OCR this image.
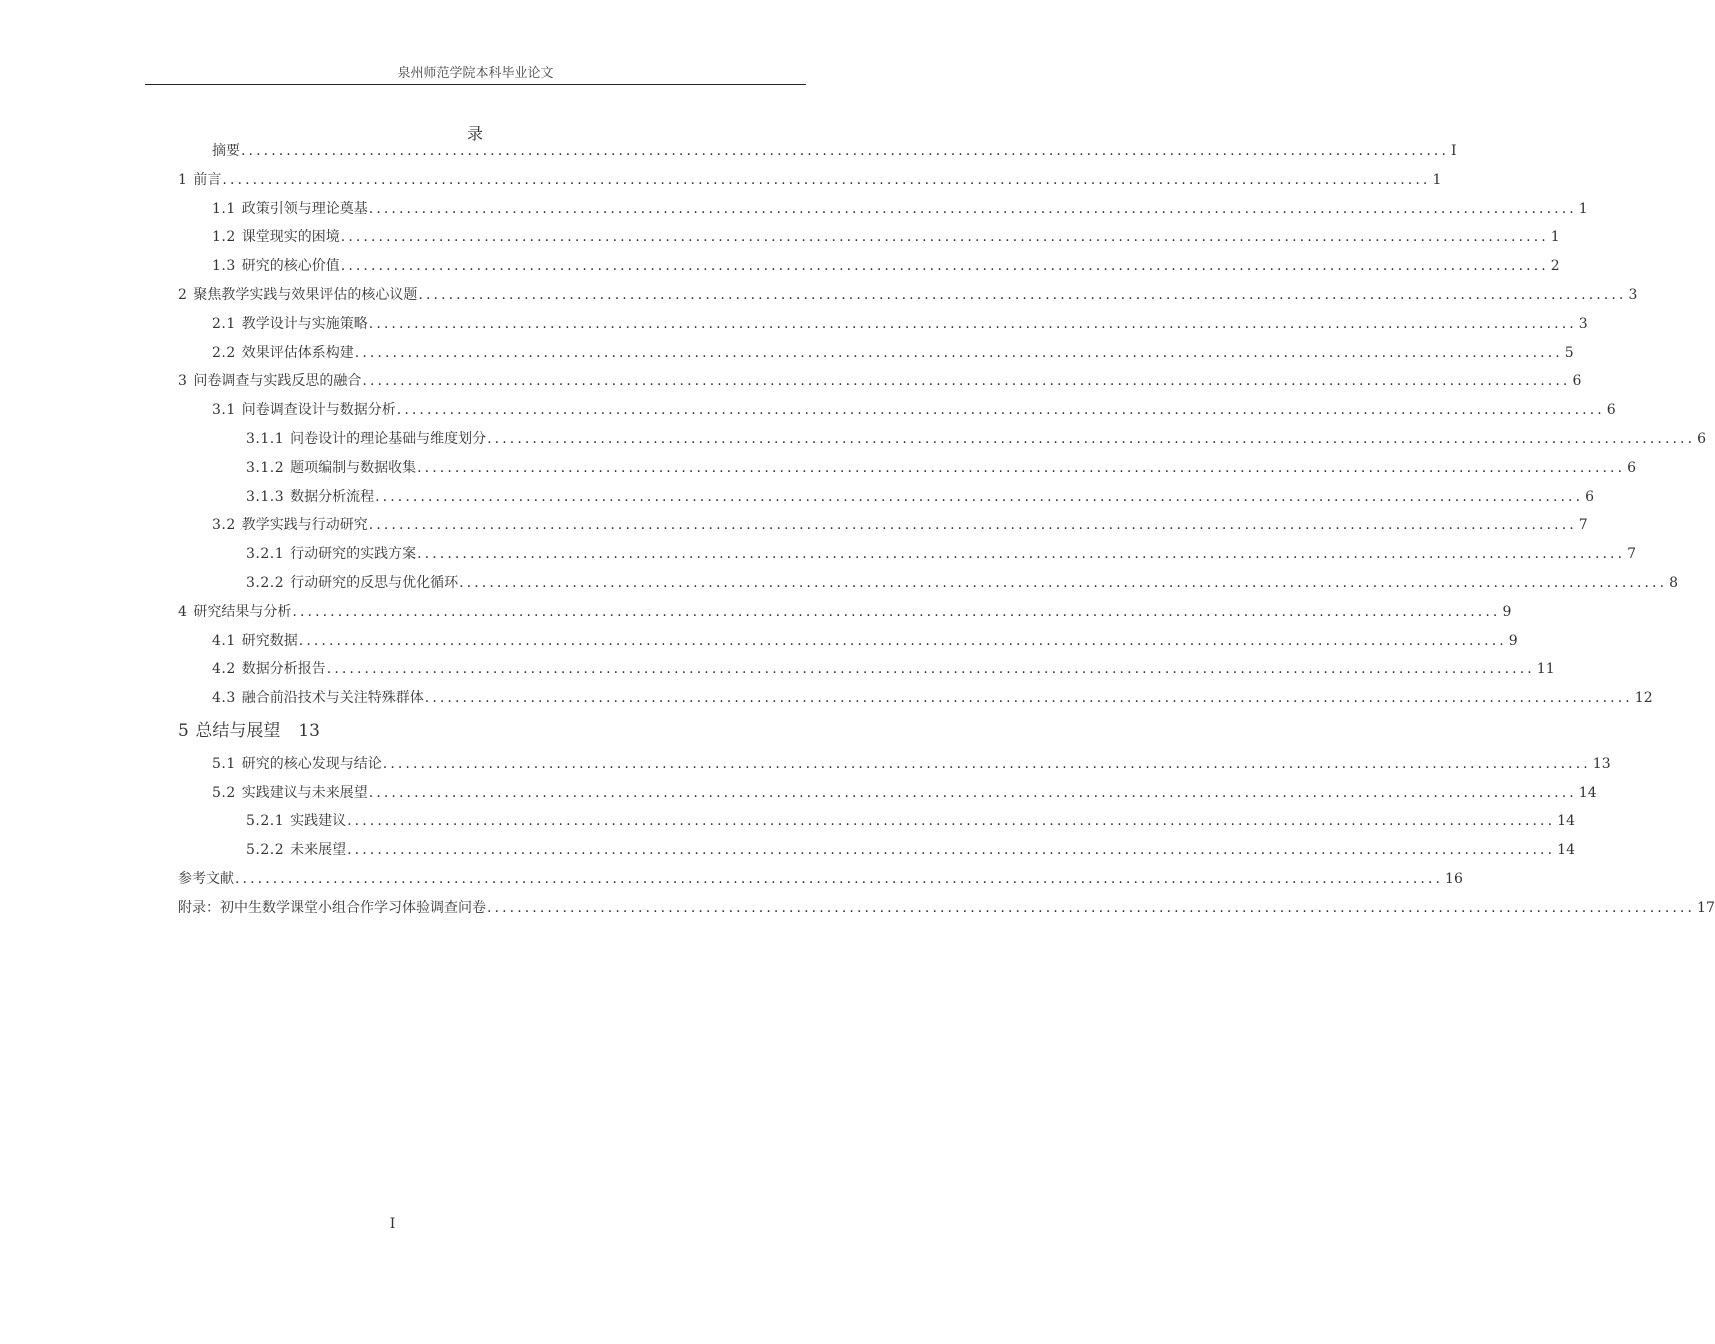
泉州师范学院本科毕业论文
录
摘要 ................................................................................................................................................................ I
1 前言 ................................................................................................................................................................ 1
1.1 政策引领与理论奠基 ................................................................................................................................................................ 1
1.2 课堂现实的困境 ................................................................................................................................................................ 1
1.3 研究的核心价值 ................................................................................................................................................................ 2
2 聚焦教学实践与效果评估的核心议题 ................................................................................................................................................................ 3
2.1 教学设计与实施策略 ................................................................................................................................................................ 3
2.2 效果评估体系构建 ................................................................................................................................................................ 5
3 问卷调查与实践反思的融合 ................................................................................................................................................................ 6
3.1 问卷调查设计与数据分析 ................................................................................................................................................................ 6
3.1.1 问卷设计的理论基础与维度划分 ................................................................................................................................................................ 6
3.1.2 题项编制与数据收集 ................................................................................................................................................................ 6
3.1.3 数据分析流程 ................................................................................................................................................................ 6
3.2 教学实践与行动研究 ................................................................................................................................................................ 7
3.2.1 行动研究的实践方案 ................................................................................................................................................................ 7
3.2.2 行动研究的反思与优化循环 ................................................................................................................................................................ 8
4 研究结果与分析 ................................................................................................................................................................ 9
4.1 研究数据 ................................................................................................................................................................ 9
4.2 数据分析报告 ................................................................................................................................................................ 11
4.3 融合前沿技术与关注特殊群体 ................................................................................................................................................................ 12
5 总结与展望 13
5.1 研究的核心发现与结论 ................................................................................................................................................................ 13
5.2 实践建议与未来展望 ................................................................................................................................................................ 14
5.2.1 实践建议 ................................................................................................................................................................ 14
5.2.2 未来展望 ................................................................................................................................................................ 14
参考文献 ................................................................................................................................................................ 16
附录：初中生数学课堂小组合作学习体验调查问卷 ................................................................................................................................................................ 17
I
